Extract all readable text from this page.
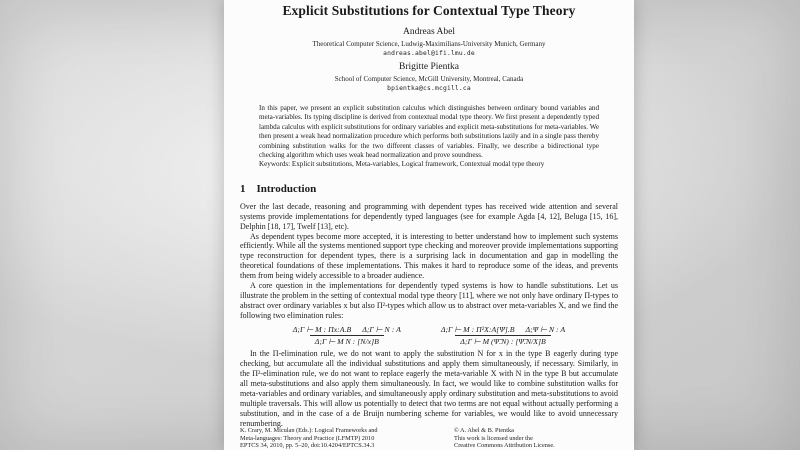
Explicit Substitutions for Contextual Type Theory
Andreas Abel
Theoretical Computer Science, Ludwig-Maximilians-University Munich, Germany
andreas.abel@ifi.lmu.de
Brigitte Pientka
School of Computer Science, McGill University, Montreal, Canada
bpientka@cs.mcgill.ca
In this paper, we present an explicit substitution calculus which distinguishes between ordinary bound variables and meta-variables. Its typing discipline is derived from contextual modal type theory. We first present a dependently typed lambda calculus with explicit substitutions for ordinary variables and explicit meta-substitutions for meta-variables. We then present a weak head normalization procedure which performs both substitutions lazily and in a single pass thereby combining substitution walks for the two different classes of variables. Finally, we describe a bidirectional type checking algorithm which uses weak head normalization and prove soundness.
Keywords: Explicit substitutions, Meta-variables, Logical framework, Contextual modal type theory
1 Introduction

Over the last decade, reasoning and programming with dependent types has received wide attention and several systems provide implementations for dependently typed languages (see for example Agda [4, 12], Beluga [15, 16], Delphin [18, 17], Twelf [13], etc).

As dependent types become more accepted, it is interesting to better understand how to implement such systems efficiently. While all the systems mentioned support type checking and moreover provide implementations supporting type reconstruction for dependent types, there is a surprising lack in documentation and gap in modelling the theoretical foundations of these implementations. This makes it hard to reproduce some of the ideas, and prevents them from being widely accessible to a broader audience.

A core question in the implementations for dependently typed systems is how to handle substitutions. Let us illustrate the problem in the setting of contextual modal type theory [11], where we not only have ordinary Π-types to abstract over ordinary variables x but also Π²-types which allow us to abstract over meta-variables X, and we find the following two elimination rules:

Δ;Γ ⊢ M : Πx:A.B Δ;Γ ⊢ N : A
Δ;Γ ⊢ M N : [N/x]B
Δ;Γ ⊢ M : Π²X:A[Ψ].B Δ;Ψ ⊢ N : A
Δ;Γ ⊢ M (Ψ̂.N) : [Ψ̂.N/X]B

In the Π-elimination rule, we do not want to apply the substitution N for x in the type B eagerly during type checking, but accumulate all the individual substitutions and apply them simultaneously, if necessary. Similarly, in the Π²-elimination rule, we do not want to replace eagerly the meta-variable X with N in the type B but accumulate all meta-substitutions and also apply them simultaneously. In fact, we would like to combine substitution walks for meta-variables and ordinary variables, and simultaneously apply ordinary substitution and meta-substitutions to avoid multiple traversals. This will allow us potentially to detect that two terms are not equal without actually performing a substitution, and in the case of a de Bruijn numbering scheme for variables, we would like to avoid unnecessary renumbering.

K. Crary, M. Miculan (Eds.): Logical Frameworks and
Meta-languages: Theory and Practice (LFMTP) 2010
EPTCS 34, 2010, pp. 5–20, doi:10.4204/EPTCS.34.3
© A. Abel & B. Pientka
This work is licensed under the
Creative Commons Attribution License.
